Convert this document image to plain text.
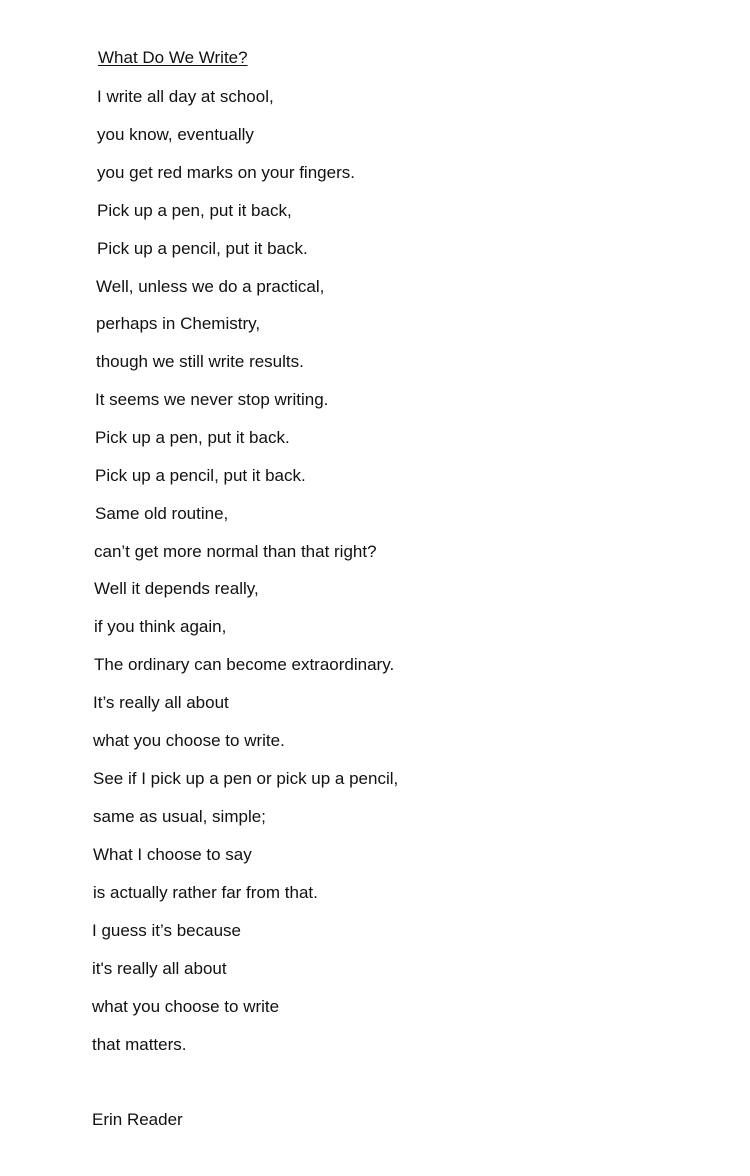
What Do We Write?
I write all day at school,
you know, eventually
you get red marks on your fingers.
Pick up a pen, put it back,
Pick up a pencil, put it back.
Well, unless we do a practical,
perhaps in Chemistry,
though we still write results.
It seems we never stop writing.
Pick up a pen, put it back.
Pick up a pencil, put it back.
Same old routine,
can’t get more normal than that right?
Well it depends really,
if you think again,
The ordinary can become extraordinary.
It’s really all about
what you choose to write.
See if I pick up a pen or pick up a pencil,
same as usual, simple;
What I choose to say
is actually rather far from that.
I guess it’s because
it's really all about
what you choose to write
that matters.
Erin Reader
